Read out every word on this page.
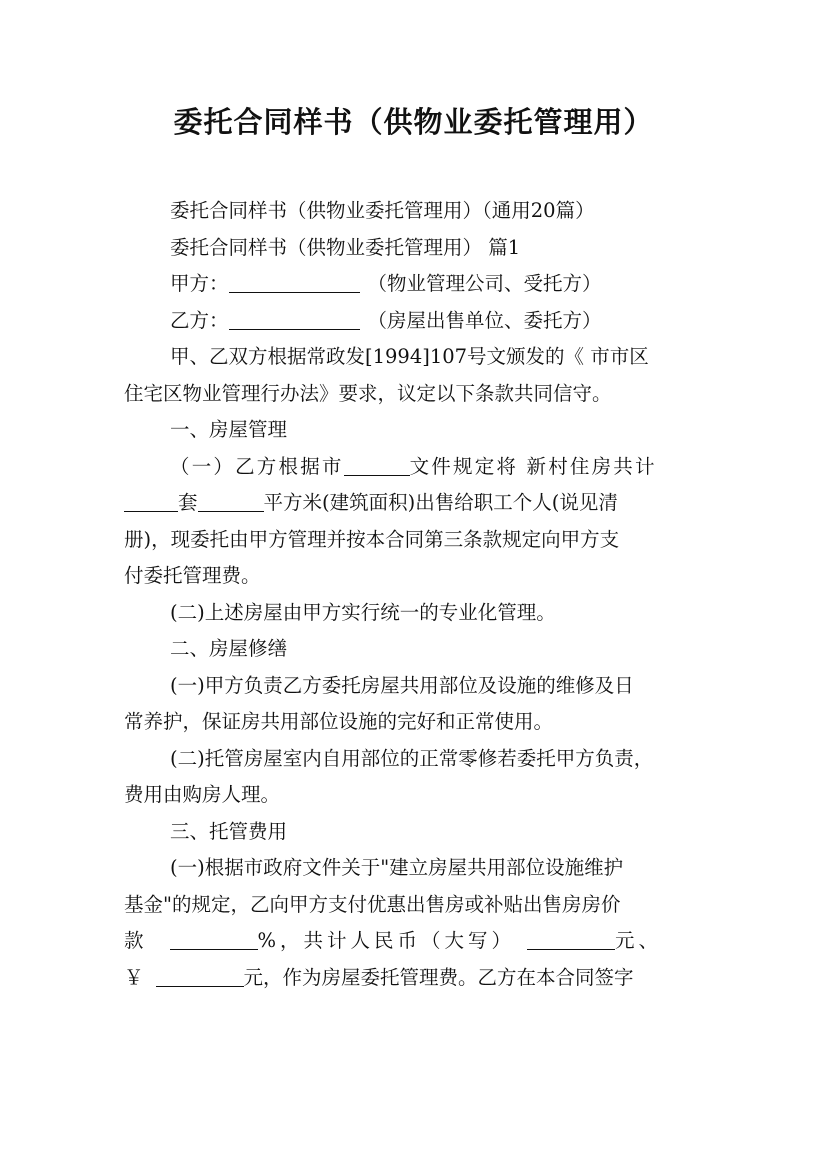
委托合同样书（供物业委托管理用）
委托合同样书（供物业委托管理用）（通用20篇）
委托合同样书（供物业委托管理用） 篇1
甲方：	（物业管理公司、受托方）
乙方：	（房屋出售单位、委托方）
甲、乙双方根据常政发[1994]107号文颁发的《 市市区
住宅区物业管理行办法》要求，议定以下条款共同信守。
一、房屋管理
（一）乙方根据市	文件规定将 新村住房共计
套	平方米(建筑面积)出售给职工个人(说见清
册)，现委托由甲方管理并按本合同第三条款规定向甲方支
付委托管理费。
(二)上述房屋由甲方实行统一的专业化管理。
二、房屋修缮
(一)甲方负责乙方委托房屋共用部位及设施的维修及日
常养护，保证房共用部位设施的完好和正常使用。
(二)托管房屋室内自用部位的正常零修若委托甲方负责，
费用由购房人理。
三、托管费用
(一)根据市政府文件关于"建立房屋共用部位设施维护
基金"的规定，乙向甲方支付优惠出售房或补贴出售房房价
款	%，共计人民币（大写）	元、
￥	元，作为房屋委托管理费。乙方在本合同签字
